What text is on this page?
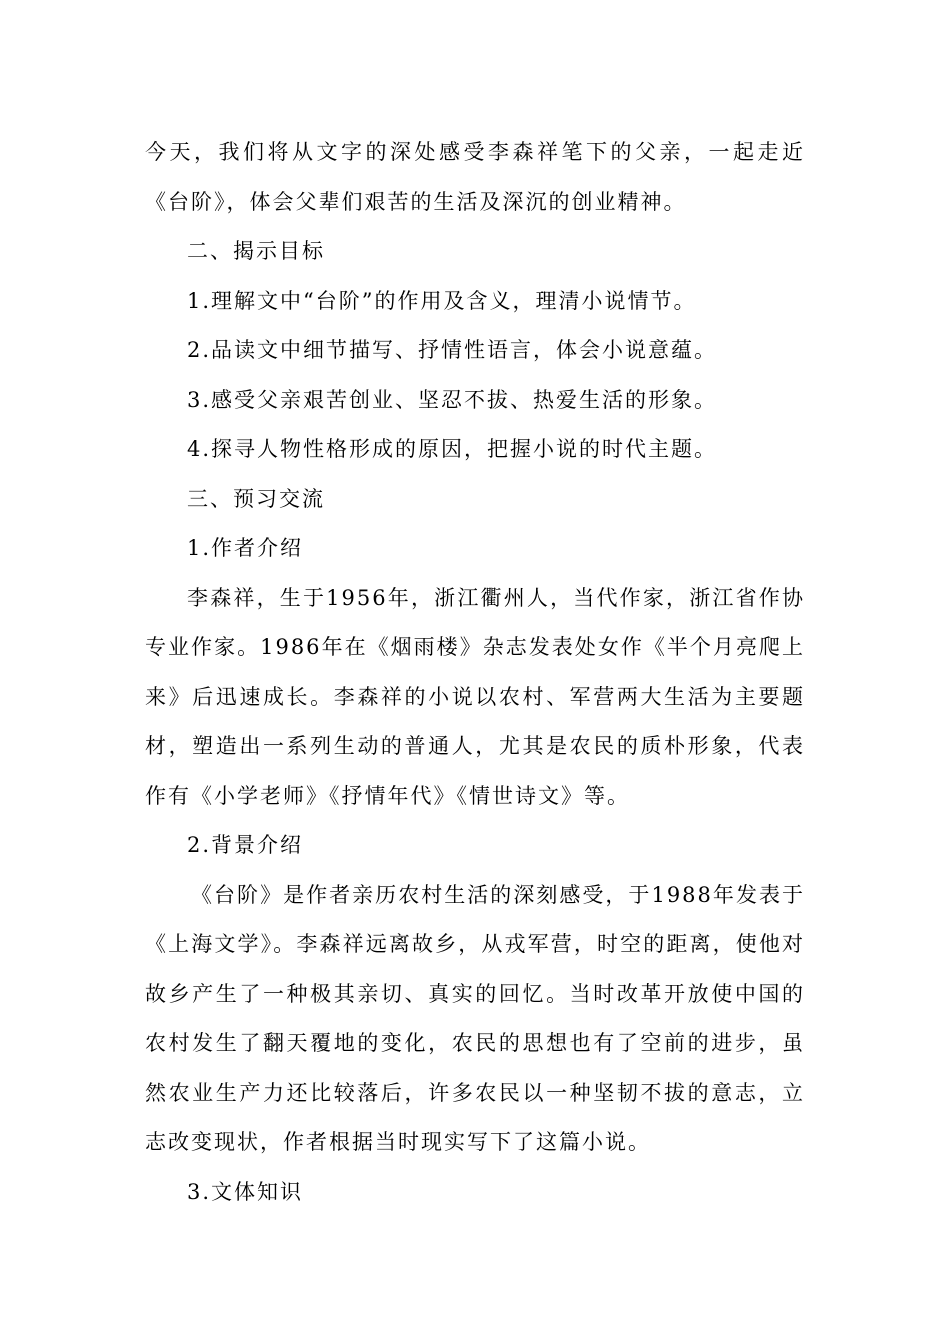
今天，我们将从文字的深处感受李森祥笔下的父亲，一起走近《台阶》，体会父辈们艰苦的生活及深沉的创业精神。

二、揭示目标

1.理解文中“台阶”的作用及含义，理清小说情节。

2.品读文中细节描写、抒情性语言，体会小说意蕴。

3.感受父亲艰苦创业、坚忍不拔、热爱生活的形象。

4.探寻人物性格形成的原因，把握小说的时代主题。

三、预习交流

1.作者介绍

李森祥，生于1956年，浙江衢州人，当代作家，浙江省作协专业作家。1986年在《烟雨楼》杂志发表处女作《半个月亮爬上来》后迅速成长。李森祥的小说以农村、军营两大生活为主要题材，塑造出一系列生动的普通人，尤其是农民的质朴形象，代表作有《小学老师》《抒情年代》《情世诗文》等。

2.背景介绍

《台阶》是作者亲历农村生活的深刻感受，于1988年发表于《上海文学》。李森祥远离故乡，从戎军营，时空的距离，使他对故乡产生了一种极其亲切、真实的回忆。当时改革开放使中国的农村发生了翻天覆地的变化，农民的思想也有了空前的进步，虽然农业生产力还比较落后，许多农民以一种坚韧不拔的意志，立志改变现状，作者根据当时现实写下了这篇小说。

3.文体知识
